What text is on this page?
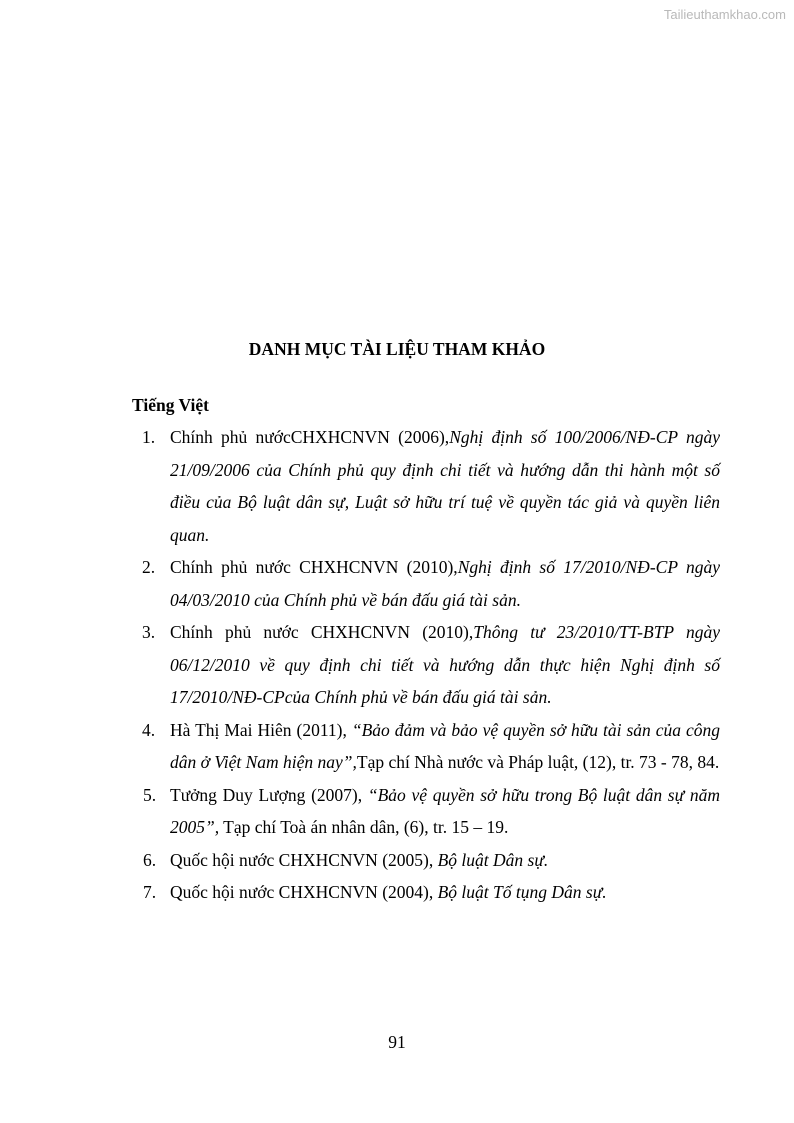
Tailieuthamkhao.com
DANH MỤC TÀI LIỆU THAM KHẢO
Tiếng Việt
1. Chính phủ nướcCHXHCNVN (2006),Nghị định số 100/2006/NĐ-CP ngày 21/09/2006 của Chính phủ quy định chi tiết và hướng dẫn thi hành một số điều của Bộ luật dân sự, Luật sở hữu trí tuệ về quyền tác giả và quyền liên quan.
2. Chính phủ nước CHXHCNVN (2010),Nghị định số 17/2010/NĐ-CP ngày 04/03/2010 của Chính phủ về bán đấu giá tài sản.
3. Chính phủ nước CHXHCNVN (2010),Thông tư 23/2010/TT-BTP ngày 06/12/2010 về quy định chi tiết và hướng dẫn thực hiện Nghị định số 17/2010/NĐ-CPcủa Chính phủ về bán đấu giá tài sản.
4. Hà Thị Mai Hiên (2011), “Bảo đảm và bảo vệ quyền sở hữu tài sản của công dân ở Việt Nam hiện nay”,Tạp chí Nhà nước và Pháp luật, (12), tr. 73 - 78, 84.
5. Tưởng Duy Lượng (2007), “Bảo vệ quyền sở hữu trong Bộ luật dân sự năm 2005”, Tạp chí Toà án nhân dân, (6), tr. 15 – 19.
6. Quốc hội nước CHXHCNVN (2005), Bộ luật Dân sự.
7. Quốc hội nước CHXHCNVN (2004), Bộ luật Tố tụng Dân sự.
91
